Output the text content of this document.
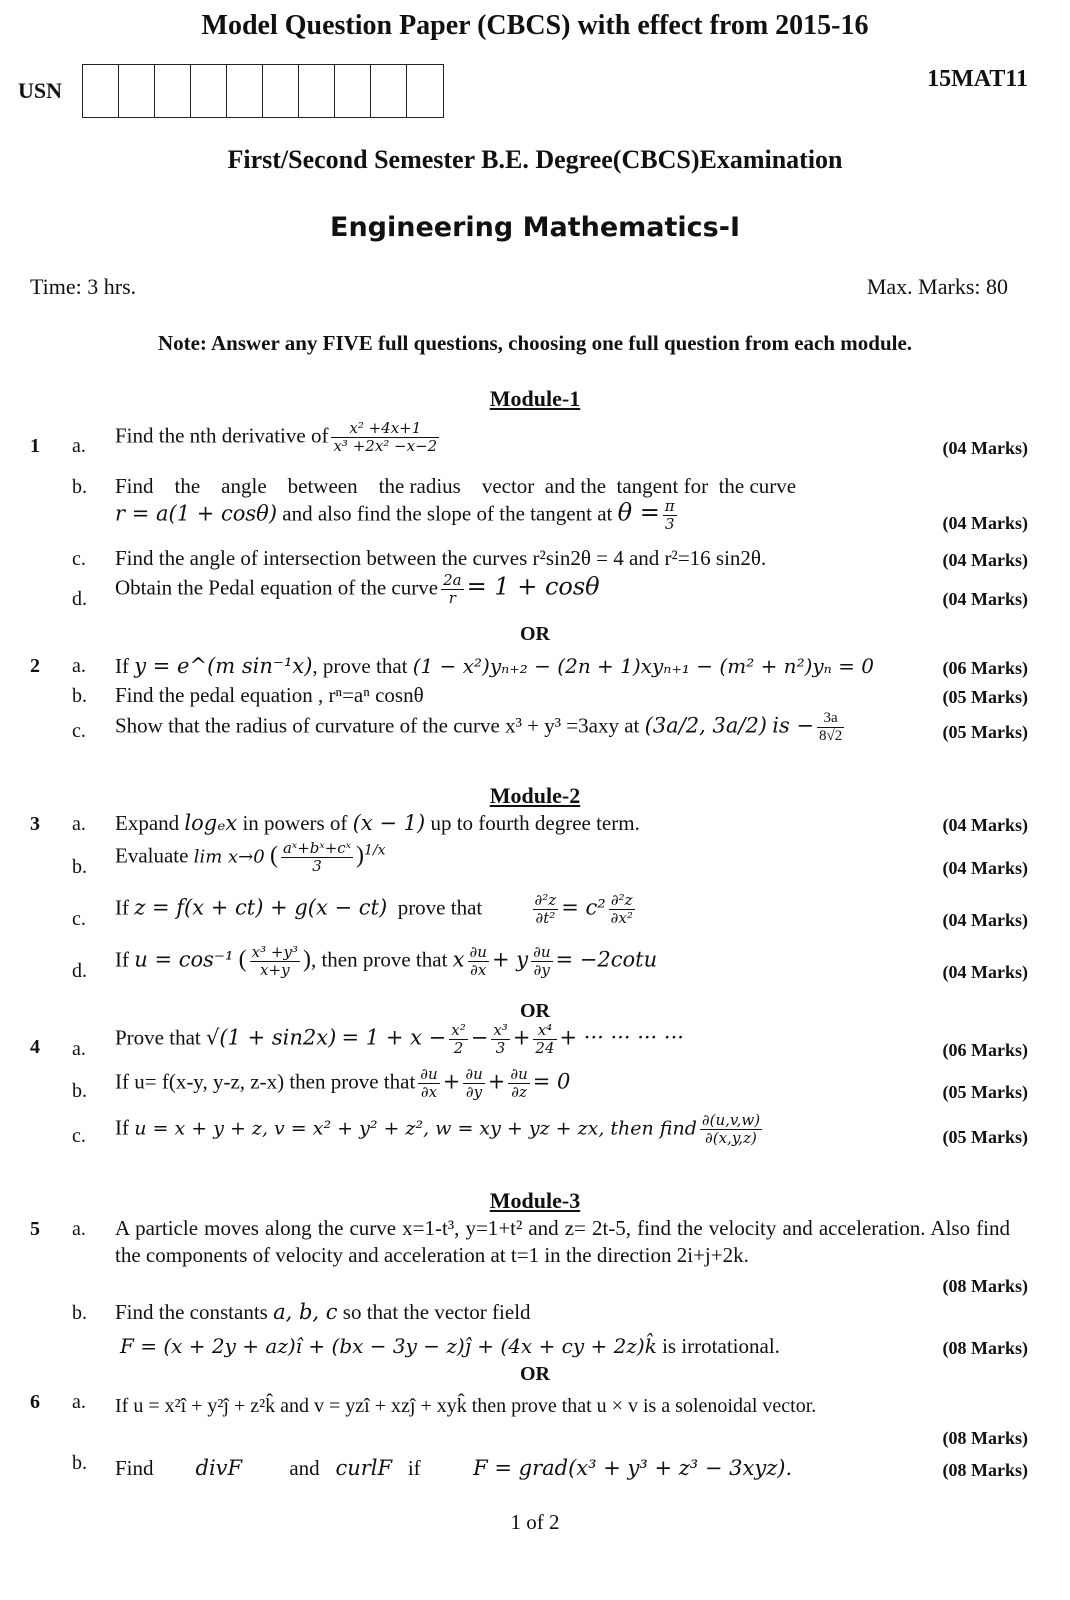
Model Question Paper (CBCS) with effect from 2015-16
USN	15MAT11
First/Second Semester B.E. Degree(CBCS)Examination
Engineering Mathematics-I
Time: 3 hrs.	Max. Marks: 80
Note: Answer any FIVE full questions, choosing one full question from each module.
Module-1
1	a.	Find the nth derivative of $\frac{\text{x² +4x+1}}{\text{x³ +2x² −x−2}}$	(04 Marks)
b.	Find    the    angle    between    the radius    vector  and the  tangent for  the curve
r = a(1 + cosθ) and also find the slope of the tangent at $\theta = \frac{\pi}{3}$	(04 Marks)
c.	Find the angle of intersection between the curves r²sin2θ = 4 and r²=16 sin2θ.	(04 Marks)
d.	Obtain the Pedal equation of the curve $\frac{2a}{r} = 1 + \cos\theta$	(04 Marks)
OR
2	a.	If y = e^(m sin⁻¹x), prove that (1 − x²)yₙ₊₂ − (2n + 1)xyₙ₊₁ − (m² + n²)yₙ = 0	(06 Marks)
b.	Find the pedal equation , rⁿ=aⁿ cosnθ	(05 Marks)
c.	Show that the radius of curvature of the curve x³ + y³ =3axy at (3a/2, 3a/2) is − $\frac{3a}{8√2}$	(05 Marks)
Module-2
3	a.	Expand logₑx in powers of (x − 1) up to fourth degree term.	(04 Marks)
b.	Evaluate lim x→0 ( $\frac{\text{aˣ+bˣ+cˣ}}{3} )^{1/x}$
(04 Marks)
c.	If z = f(x + ct) + g(x − ct) prove that	$\frac{\text{∂²z}}{\text{∂t²}} = c^2 \frac{\text{∂²z}}{\text{∂x²}}$	(04 Marks)
d.	If u = cos⁻¹ ( $\frac{\text{x³ +y³}}{x+y}$ ), then prove that x $\frac{\partial u}{\partial x} + y \frac{\partial u}{\partial y} = -2\cot u$
(04 Marks)
OR
4	a.	Prove that $√(1 + \sin 2x) = 1 + x - \frac{\text{x²}}{2} - \frac{\text{x³}}{3} + \frac{\text{x⁴}}{24}$ + ··· ··· ··· ···
(06 Marks)
b.	If u= f(x-y, y-z, z-x) then prove that $\frac{\partial u}{\partial x} + \frac{\partial u}{\partial y} + \frac{\partial u}{\partial z} = 0$	(05 Marks)
c.	If u = x + y + z, v = x² + y² + z², w = xy + yz + zx, then find $\frac{\partial(u,v,w)}{\partial(x,y,z)}$	(05 Marks)
Module-3
5	a.	A particle moves along the curve x=1-t³, y=1+t² and z= 2t-5, find the velocity and acceleration. Also find the components of velocity and acceleration at t=1 in the direction 2i+j+2k.
(08 Marks)
b.	Find the constants a, b, c so that the vector field
F = (x + 2y + az)î + (bx − 3y − z)ĵ + (4x + cy + 2z)k̂ is irrotational.	(08 Marks)
OR
6	a.	If u = x²î + y²ĵ + z²k̂ and v = yzî + xzĵ + xyk̂ then prove that u × v is a solenoidal vector.
(08 Marks)
b.	Find divF and curlF if	F = grad(x³ + y³ + z³ − 3xyz).	(08 Marks)
1 of 2
